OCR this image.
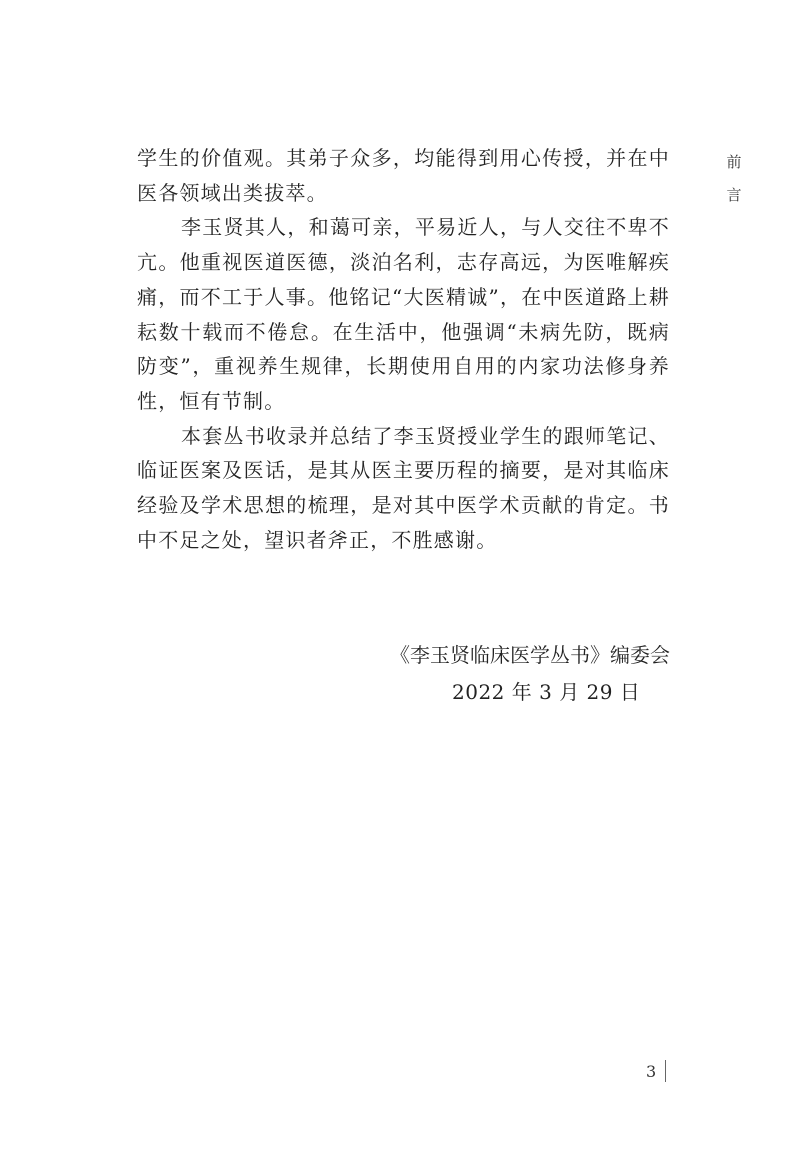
前
言

学生的价值观。其弟子众多，均能得到用心传授，并在中医各领域出类拔萃。

李玉贤其人，和蔼可亲，平易近人，与人交往不卑不亢。他重视医道医德，淡泊名利，志存高远，为医唯解疾痛，而不工于人事。他铭记“大医精诚”，在中医道路上耕耘数十载而不倦怠。在生活中，他强调“未病先防，既病防变”，重视养生规律，长期使用自用的内家功法修身养性，恒有节制。

本套丛书收录并总结了李玉贤授业学生的跟师笔记、临证医案及医话，是其从医主要历程的摘要，是对其临床经验及学术思想的梳理，是对其中医学术贡献的肯定。书中不足之处，望识者斧正，不胜感谢。

《李玉贤临床医学丛书》编委会
2022 年 3 月 29 日
3
